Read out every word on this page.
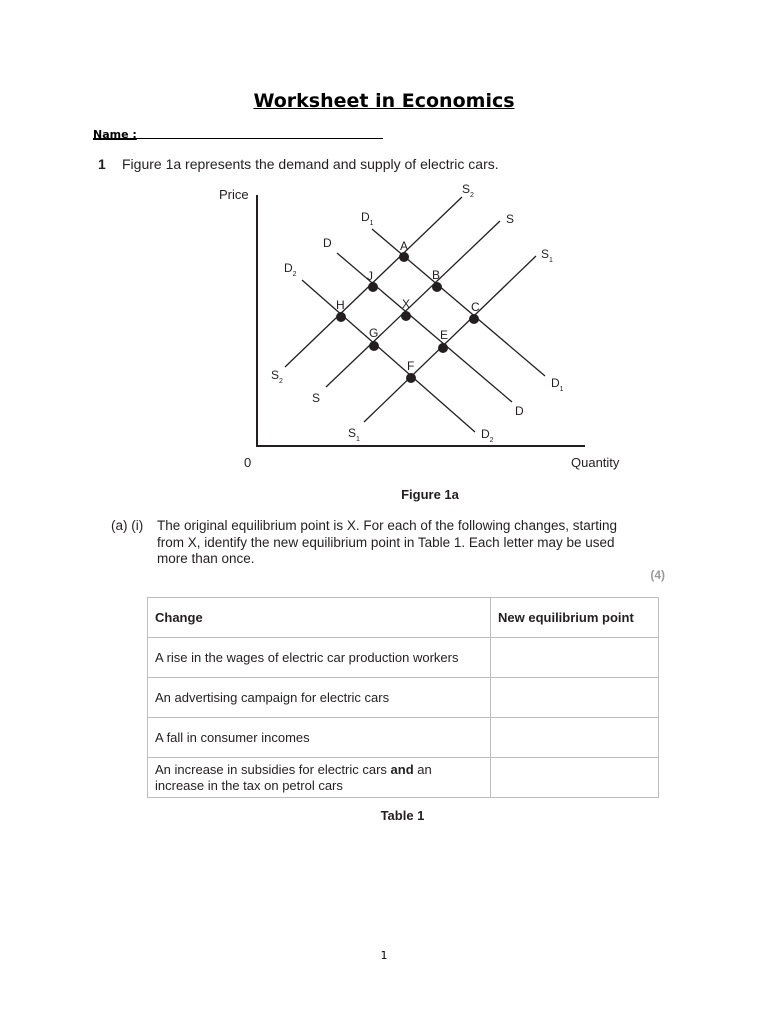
Worksheet in Economics
Name :
1 Figure 1a represents the demand and supply of electric cars.
Price
Quantity
0
$S_2$
S
$S_1$
$D_1$
D
$D_2$
$S_2$
S
$S_1$
$D_1$
D
$D_2$
A
B
C
J
X
E
H
G
F
Figure 1a
(a) (i) The original equilibrium point is X. For each of the following changes, starting from X, identify the new equilibrium point in Table 1. Each letter may be used more than once.
(4)
Change	New equilibrium point
A rise in the wages of electric car production workers	
An advertising campaign for electric cars	
A fall in consumer incomes	
An increase in subsidies for electric cars and an increase in the tax on petrol cars	
Table 1
1
